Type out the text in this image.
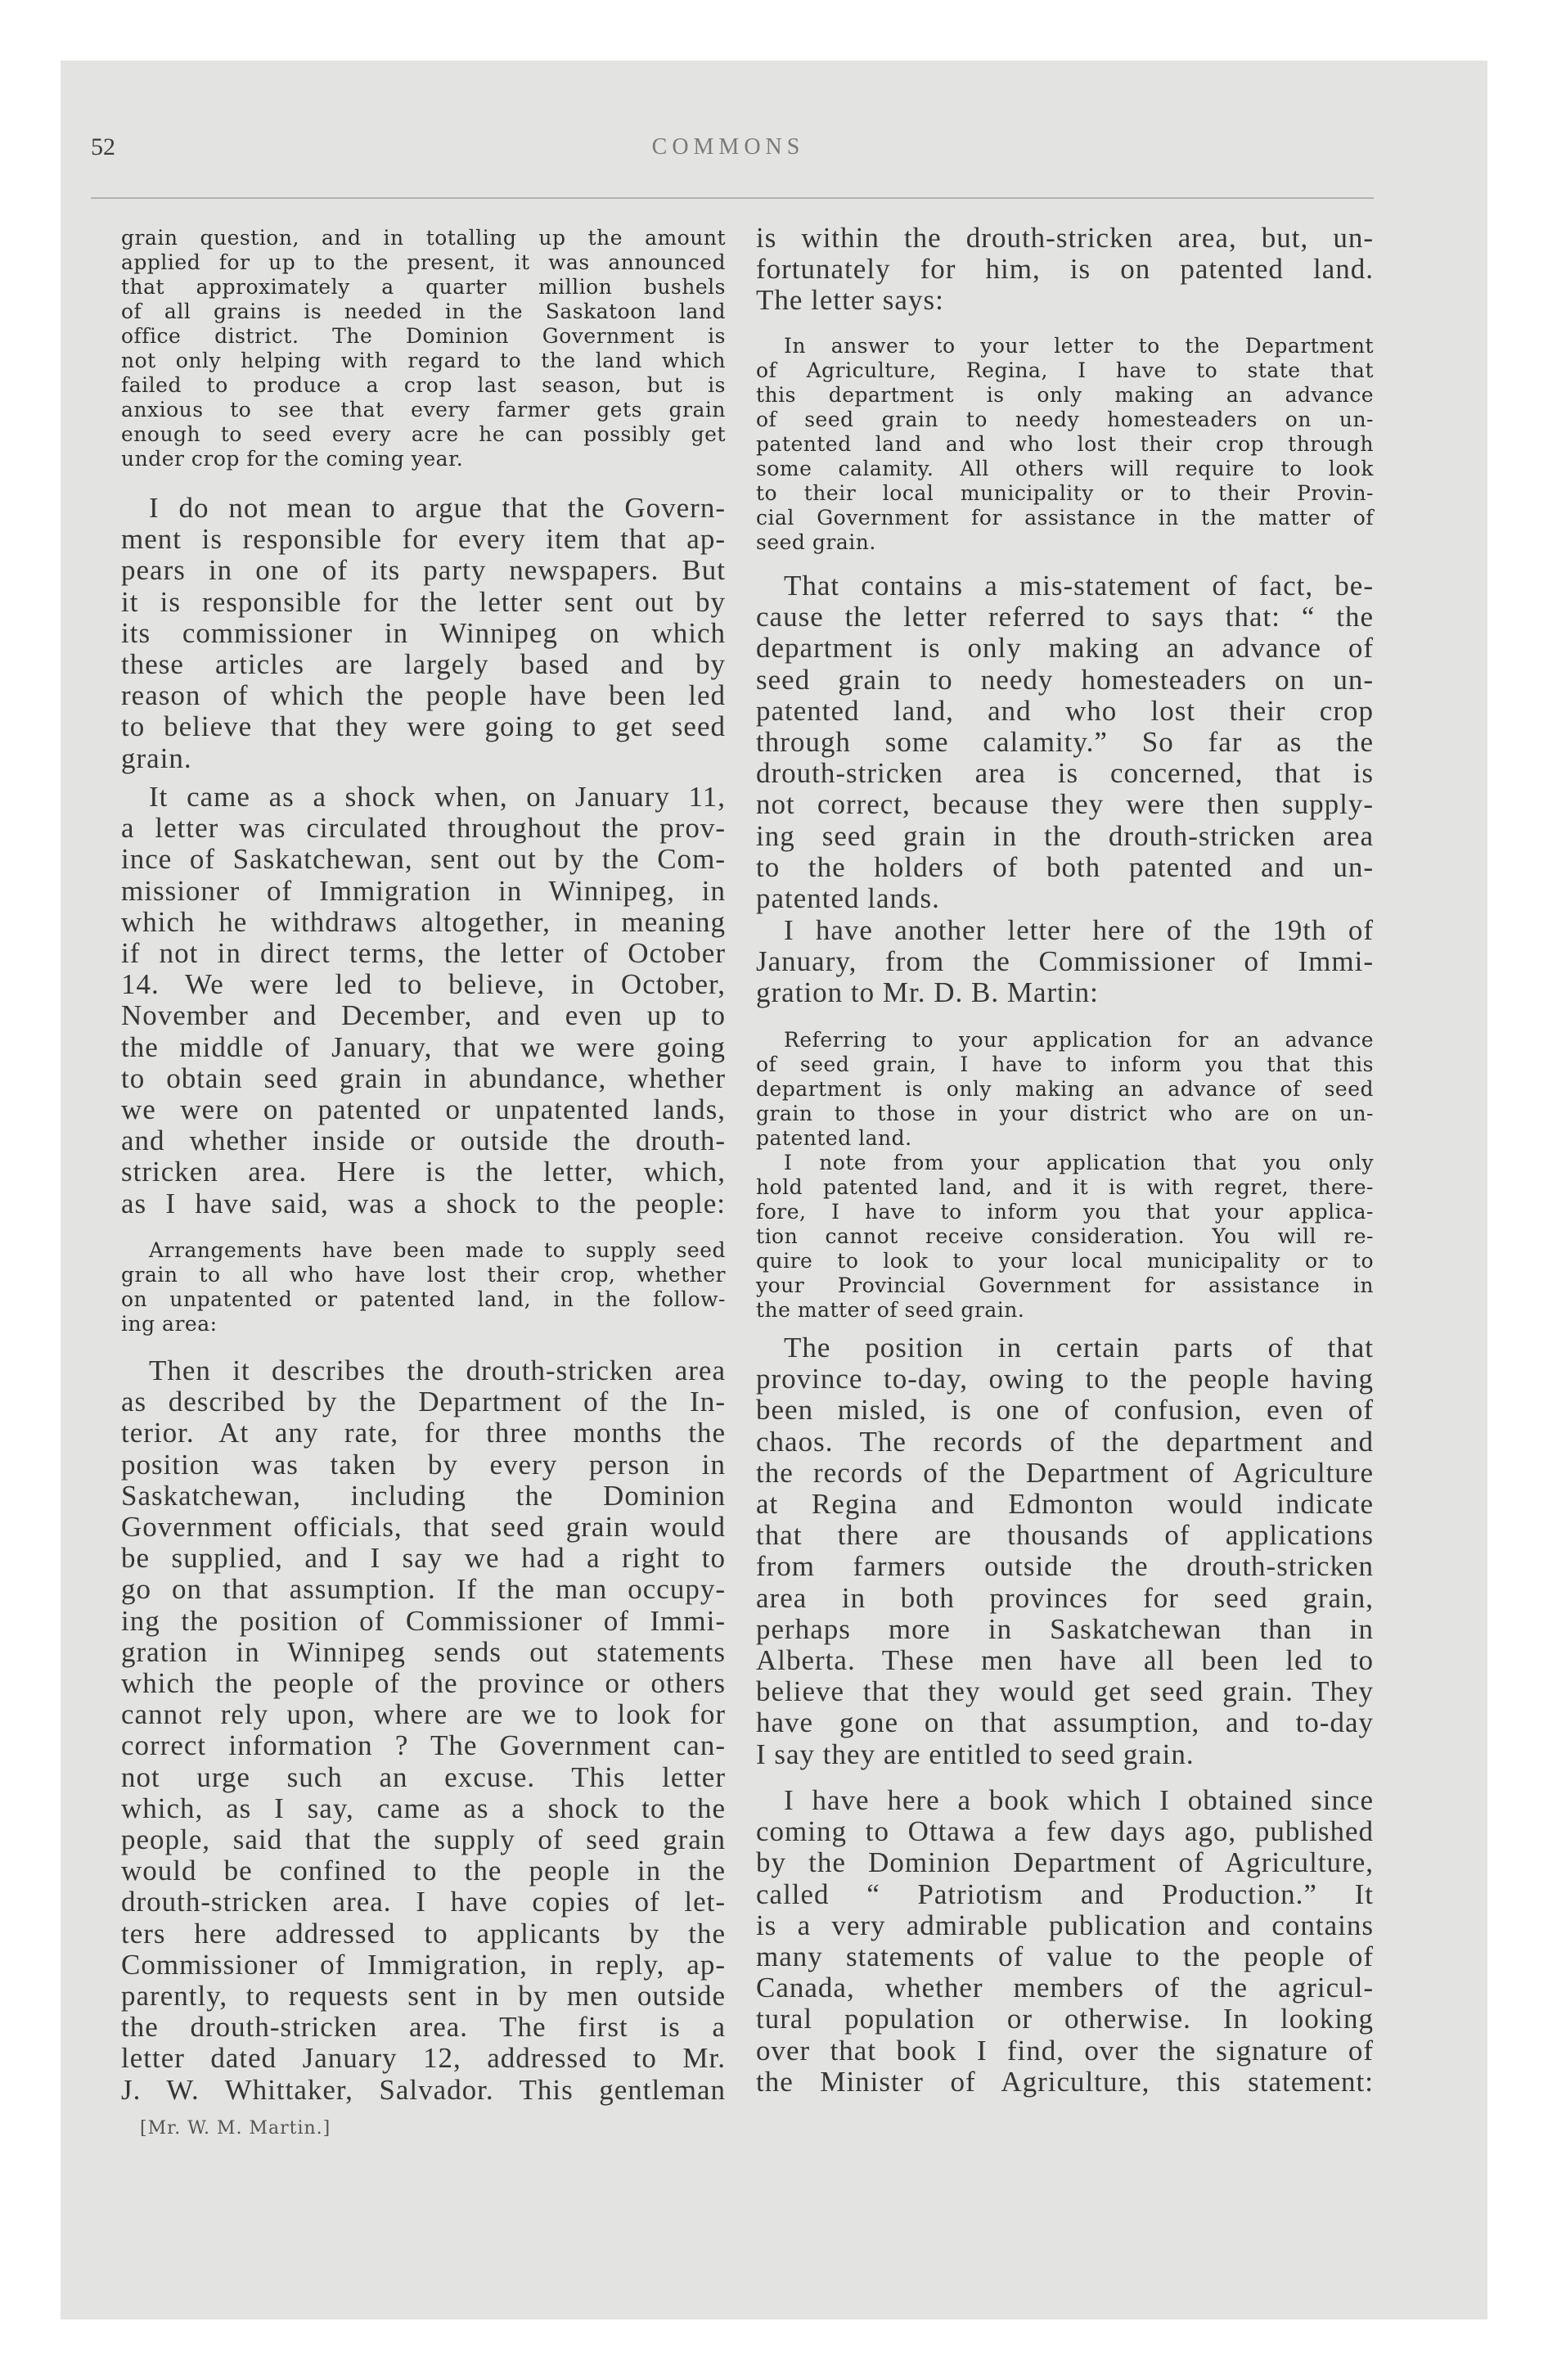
52	COMMONS
grain question, and in totalling up the amount
applied for up to the present, it was announced
that approximately a quarter million bushels
of all grains is needed in the Saskatoon land
office district. The Dominion Government is
not only helping with regard to the land which
failed to produce a crop last season, but is
anxious to see that every farmer gets grain
enough to seed every acre he can possibly get
under crop for the coming year.
I do not mean to argue that the Govern-
ment is responsible for every item that ap-
pears in one of its party newspapers. But
it is responsible for the letter sent out by
its commissioner in Winnipeg on which
these articles are largely based and by
reason of which the people have been led
to believe that they were going to get seed
grain.
It came as a shock when, on January 11,
a letter was circulated throughout the prov-
ince of Saskatchewan, sent out by the Com-
missioner of Immigration in Winnipeg, in
which he withdraws altogether, in meaning
if not in direct terms, the letter of October
14. We were led to believe, in October,
November and December, and even up to
the middle of January, that we were going
to obtain seed grain in abundance, whether
we were on patented or unpatented lands,
and whether inside or outside the drouth-
stricken area. Here is the letter, which,
as I have said, was a shock to the people:
Arrangements have been made to supply seed
grain to all who have lost their crop, whether
on unpatented or patented land, in the follow-
ing area:
Then it describes the drouth-stricken area
as described by the Department of the In-
terior. At any rate, for three months the
position was taken by every person in
Saskatchewan, including the Dominion
Government officials, that seed grain would
be supplied, and I say we had a right to
go on that assumption. If the man occupy-
ing the position of Commissioner of Immi-
gration in Winnipeg sends out statements
which the people of the province or others
cannot rely upon, where are we to look for
correct information ? The Government can-
not urge such an excuse. This letter
which, as I say, came as a shock to the
people, said that the supply of seed grain
would be confined to the people in the
drouth-stricken area. I have copies of let-
ters here addressed to applicants by the
Commissioner of Immigration, in reply, ap-
parently, to requests sent in by men outside
the drouth-stricken area. The first is a
letter dated January 12, addressed to Mr.
J. W. Whittaker, Salvador. This gentleman
[Mr. W. M. Martin.]
is within the drouth-stricken area, but, un-
fortunately for him, is on patented land.
The letter says:
In answer to your letter to the Department
of Agriculture, Regina, I have to state that
this department is only making an advance
of seed grain to needy homesteaders on un-
patented land and who lost their crop through
some calamity. All others will require to look
to their local municipality or to their Provin-
cial Government for assistance in the matter of
seed grain.
That contains a mis-statement of fact, be-
cause the letter referred to says that: “ the
department is only making an advance of
seed grain to needy homesteaders on un-
patented land, and who lost their crop
through some calamity.” So far as the
drouth-stricken area is concerned, that is
not correct, because they were then supply-
ing seed grain in the drouth-stricken area
to the holders of both patented and un-
patented lands.
I have another letter here of the 19th of
January, from the Commissioner of Immi-
gration to Mr. D. B. Martin:
Referring to your application for an advance
of seed grain, I have to inform you that this
department is only making an advance of seed
grain to those in your district who are on un-
patented land.
I note from your application that you only
hold patented land, and it is with regret, there-
fore, I have to inform you that your applica-
tion cannot receive consideration. You will re-
quire to look to your local municipality or to
your Provincial Government for assistance in
the matter of seed grain.
The position in certain parts of that
province to-day, owing to the people having
been misled, is one of confusion, even of
chaos. The records of the department and
the records of the Department of Agriculture
at Regina and Edmonton would indicate
that there are thousands of applications
from farmers outside the drouth-stricken
area in both provinces for seed grain,
perhaps more in Saskatchewan than in
Alberta. These men have all been led to
believe that they would get seed grain. They
have gone on that assumption, and to-day
I say they are entitled to seed grain.
I have here a book which I obtained since
coming to Ottawa a few days ago, published
by the Dominion Department of Agriculture,
called “ Patriotism and Production.” It
is a very admirable publication and contains
many statements of value to the people of
Canada, whether members of the agricul-
tural population or otherwise. In looking
over that book I find, over the signature of
the Minister of Agriculture, this statement:
